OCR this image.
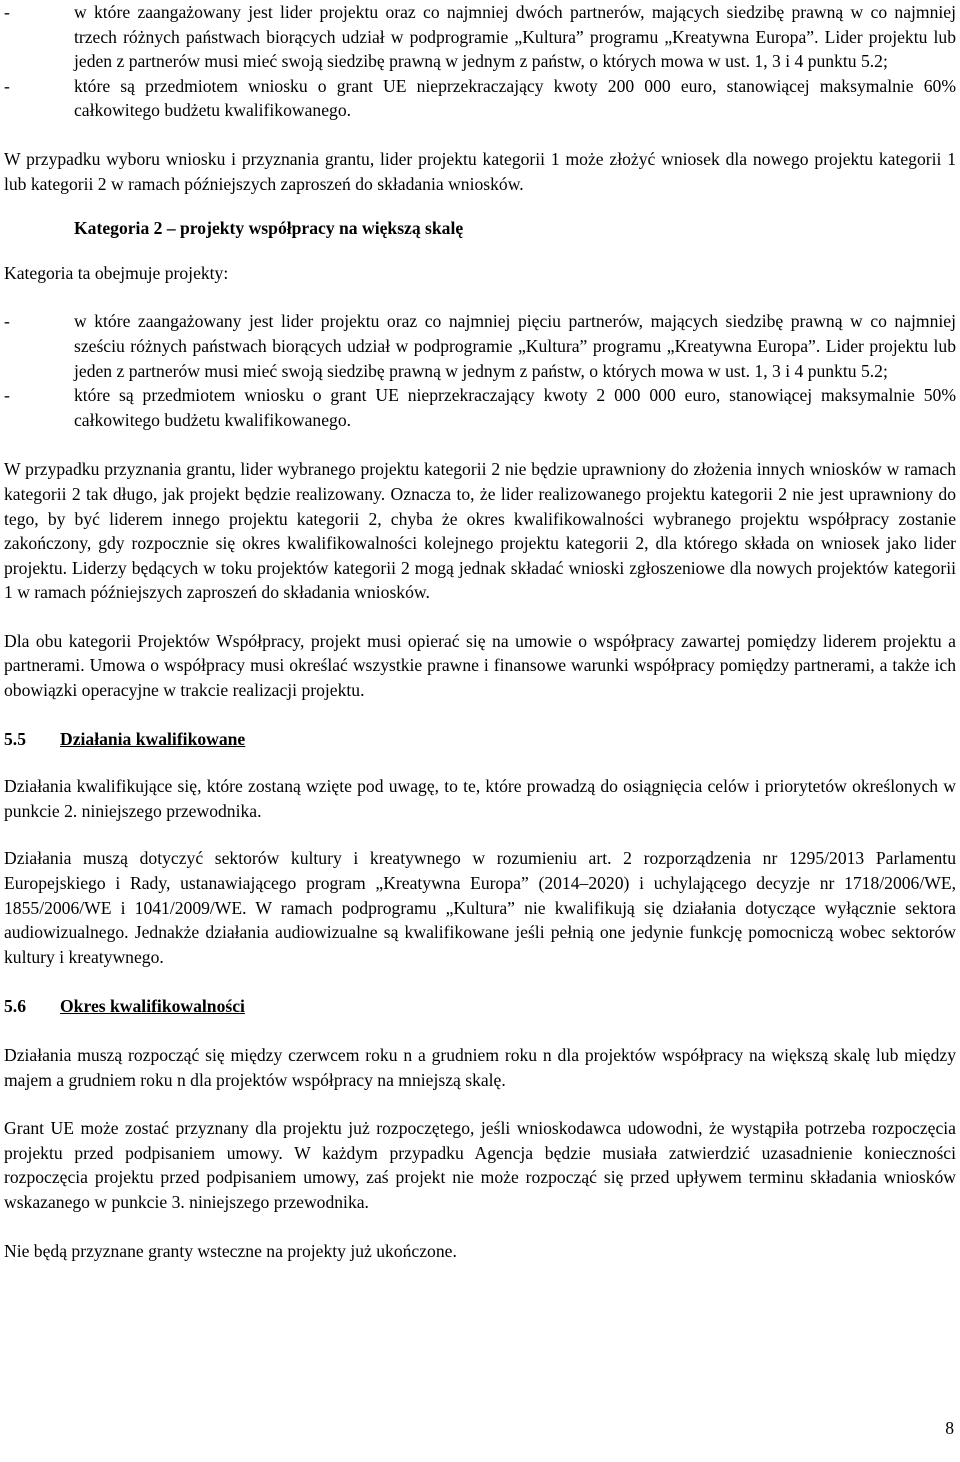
-	w które zaangażowany jest lider projektu oraz co najmniej dwóch partnerów, mających siedzibę prawną w co najmniej trzech różnych państwach biorących udział w podprogramie „Kultura” programu „Kreatywna Europa”. Lider projektu lub jeden z partnerów musi mieć swoją siedzibę prawną w jednym z państw, o których mowa w ust. 1, 3 i 4 punktu 5.2;
-	które są przedmiotem wniosku o grant UE nieprzekraczający kwoty 200 000 euro, stanowiącej maksymalnie 60% całkowitego budżetu kwalifikowanego.

W przypadku wyboru wniosku i przyznania grantu, lider projektu kategorii 1 może złożyć wniosek dla nowego projektu kategorii 1 lub kategorii 2 w ramach późniejszych zaproszeń do składania wniosków.

Kategoria 2 – projekty współpracy na większą skalę

Kategoria ta obejmuje projekty:

-	w które zaangażowany jest lider projektu oraz co najmniej pięciu partnerów, mających siedzibę prawną w co najmniej sześciu różnych państwach biorących udział w podprogramie „Kultura” programu „Kreatywna Europa”. Lider projektu lub jeden z partnerów musi mieć swoją siedzibę prawną w jednym z państw, o których mowa w ust. 1, 3 i 4 punktu 5.2;
-	które są przedmiotem wniosku o grant UE nieprzekraczający kwoty 2 000 000 euro, stanowiącej maksymalnie 50% całkowitego budżetu kwalifikowanego.

W przypadku przyznania grantu, lider wybranego projektu kategorii 2 nie będzie uprawniony do złożenia innych wniosków w ramach kategorii 2 tak długo, jak projekt będzie realizowany. Oznacza to, że lider realizowanego projektu kategorii 2 nie jest uprawniony do tego, by być liderem innego projektu kategorii 2, chyba że okres kwalifikowalności wybranego projektu współpracy zostanie zakończony, gdy rozpocznie się okres kwalifikowalności kolejnego projektu kategorii 2, dla którego składa on wniosek jako lider projektu. Liderzy będących w toku projektów kategorii 2 mogą jednak składać wnioski zgłoszeniowe dla nowych projektów kategorii 1 w ramach późniejszych zaproszeń do składania wniosków.

Dla obu kategorii Projektów Współpracy, projekt musi opierać się na umowie o współpracy zawartej pomiędzy liderem projektu a partnerami. Umowa o współpracy musi określać wszystkie prawne i finansowe warunki współpracy pomiędzy partnerami, a także ich obowiązki operacyjne w trakcie realizacji projektu.

5.5	Działania kwalifikowane

Działania kwalifikujące się, które zostaną wzięte pod uwagę, to te, które prowadzą do osiągnięcia celów i priorytetów określonych w punkcie 2. niniejszego przewodnika.

Działania muszą dotyczyć sektorów kultury i kreatywnego w rozumieniu art. 2 rozporządzenia nr 1295/2013 Parlamentu Europejskiego i Rady, ustanawiającego program „Kreatywna Europa” (2014–2020) i uchylającego decyzje nr 1718/2006/WE, 1855/2006/WE i 1041/2009/WE. W ramach podprogramu „Kultura” nie kwalifikują się działania dotyczące wyłącznie sektora audiowizualnego. Jednakże działania audiowizualne są kwalifikowane jeśli pełnią one jedynie funkcję pomocniczą wobec sektorów kultury i kreatywnego.

5.6	Okres kwalifikowalności

Działania muszą rozpocząć się między czerwcem roku n a grudniem roku n dla projektów współpracy na większą skalę lub między majem a grudniem roku n dla projektów współpracy na mniejszą skalę.

Grant UE może zostać przyznany dla projektu już rozpoczętego, jeśli wnioskodawca udowodni, że wystąpiła potrzeba rozpoczęcia projektu przed podpisaniem umowy. W każdym przypadku Agencja będzie musiała zatwierdzić uzasadnienie konieczności rozpoczęcia projektu przed podpisaniem umowy, zaś projekt nie może rozpocząć się przed upływem terminu składania wniosków wskazanego w punkcie 3. niniejszego przewodnika.

Nie będą przyznane granty wsteczne na projekty już ukończone.

8
